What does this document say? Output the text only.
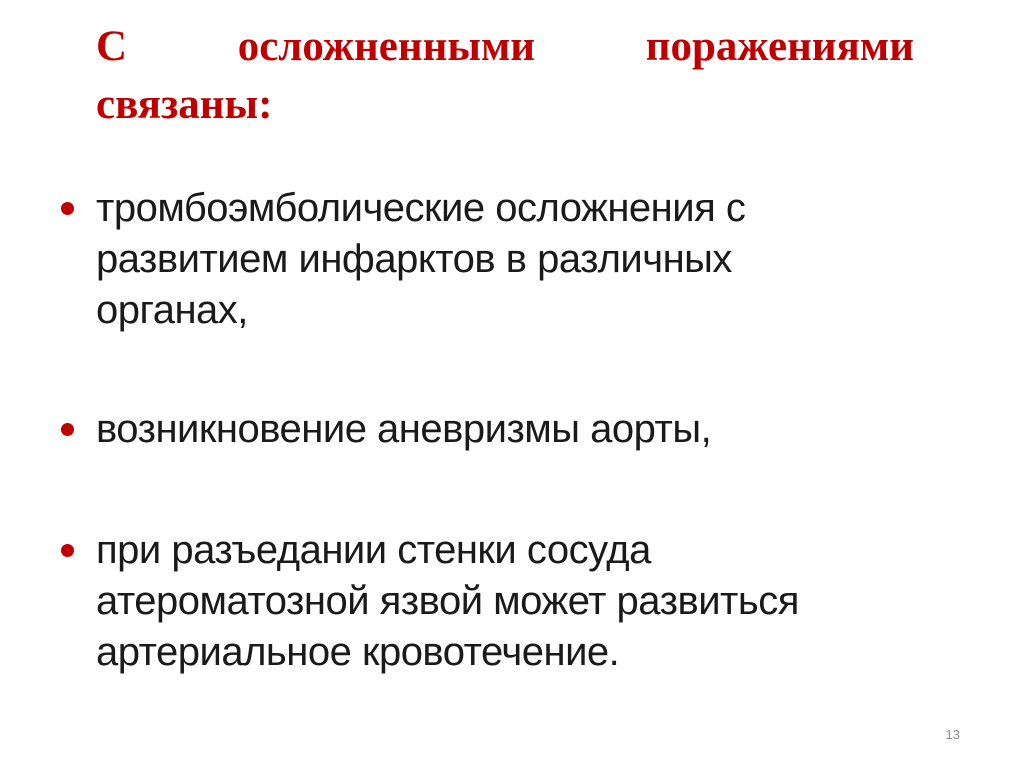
С	осложненными	поражениями
связаны:
тромбоэмболические осложнения с
развитием инфарктов в различных
органах,
возникновение аневризмы аорты,
при разъедании стенки сосуда
атероматозной язвой может развиться
артериальное кровотечение.
13
